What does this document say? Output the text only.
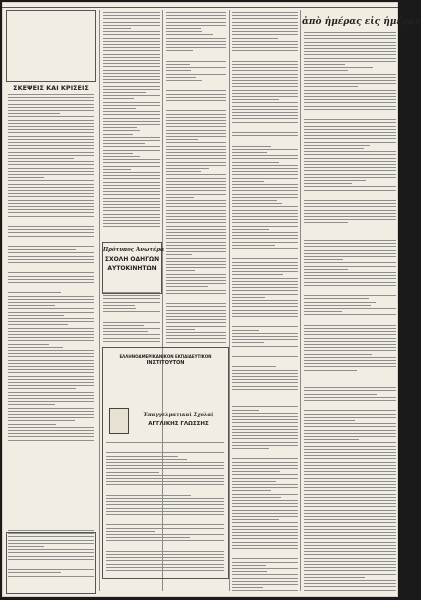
ΣΚΕΨΕΙΣ ΚΑΙ ΚΡΙΣΕΙΣ
Πρότυπος Άνωτέρα
ΣΧΟΛΗ ΟΔΗΓΩΝ
ΑΥΤΟΚΙΝΗΤΩΝ
ἀπὸ ἡμέρας εἰς ἡμέραν
ΕΛΛΗΝΟΑΜΕΡΙΚΑΝΙΚΟΝ ΕΚΠΑΙΔΕΥΤΙΚΟΝ
ΙΝΣΤΙΤΟΥΤΟΝ
Ἐπαγγελματικαὶ Σχολαὶ
ΑΓΓΛΙΚΗΣ ΓΛΩΣΣΗΣ
